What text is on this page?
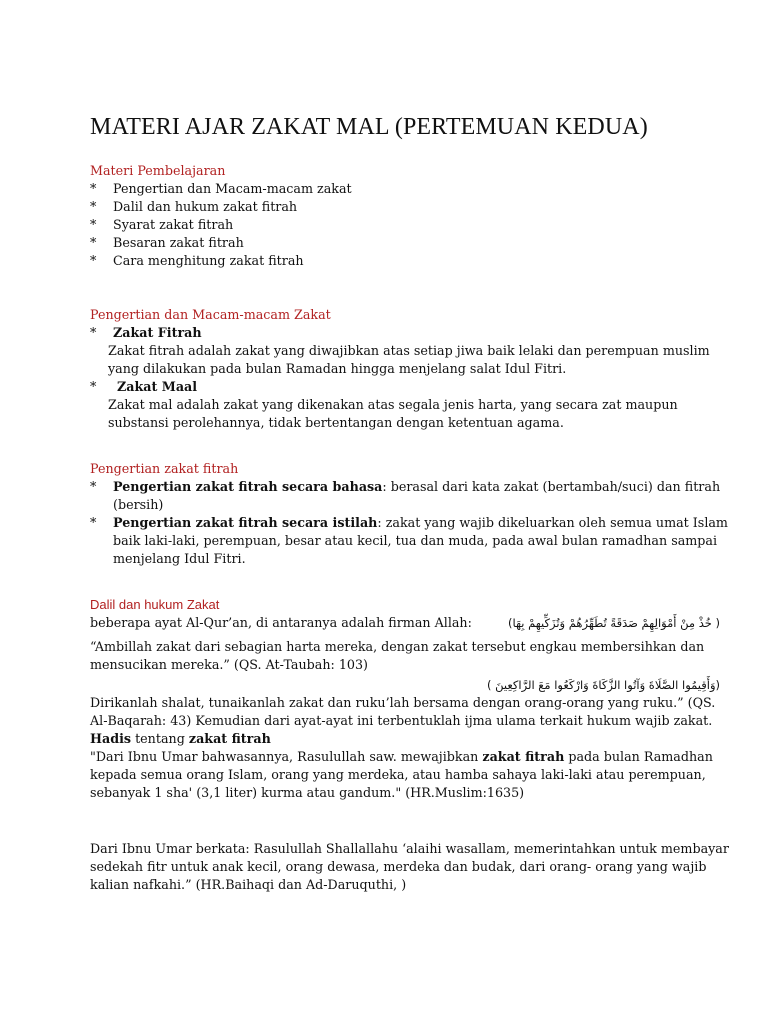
MATERI AJAR ZAKAT MAL (PERTEMUAN KEDUA)

Materi Pembelajaran

* Pengertian dan Macam-macam zakat
* Dalil dan hukum zakat fitrah
* Syarat zakat fitrah
* Besaran zakat fitrah
* Cara menghitung zakat fitrah

Pengertian dan Macam-macam Zakat

* Zakat Fitrah

Zakat fitrah adalah zakat yang diwajibkan atas setiap jiwa baik lelaki dan perempuan muslim yang dilakukan pada bulan Ramadan hingga menjelang salat Idul Fitri.

* Zakat Maal

Zakat mal adalah zakat yang dikenakan atas segala jenis harta, yang secara zat maupun substansi perolehannya, tidak bertentangan dengan ketentuan agama.

Pengertian zakat fitrah

* Pengertian zakat fitrah secara bahasa: berasal dari kata zakat (bertambah/suci) dan fitrah (bersih)
* Pengertian zakat fitrah secara istilah: zakat yang wajib dikeluarkan oleh semua umat Islam baik laki-laki, perempuan, besar atau kecil, tua dan muda, pada awal bulan ramadhan sampai menjelang Idul Fitri.

Dalil dan hukum Zakat

beberapa ayat Al-Qur’an, di antaranya adalah firman Allah:	( خُذْ مِنْ أَمْوَالِهِمْ صَدَقَةً تُطَهِّرُهُمْ وَتُزَكِّيهِمْ بِهَا)

“Ambillah zakat dari sebagian harta mereka, dengan zakat tersebut engkau membersihkan dan mensucikan mereka.” (QS. At-Taubah: 103)

(وَأَقِيمُوا الصَّلَاةَ وَآتُوا الزَّكَاةَ وَارْكَعُوا مَعَ الرَّاكِعِينَ )

Dirikanlah shalat, tunaikanlah zakat dan ruku’lah bersama dengan orang-orang yang ruku.” (QS. Al-Baqarah: 43) Kemudian dari ayat-ayat ini terbentuklah ijma ulama terkait hukum wajib zakat.

Hadis tentang zakat fitrah

"Dari Ibnu Umar bahwasannya, Rasulullah saw. mewajibkan zakat fitrah pada bulan Ramadhan kepada semua orang Islam, orang yang merdeka, atau hamba sahaya laki-laki atau perempuan, sebanyak 1 sha' (3,1 liter) kurma atau gandum." (HR.Muslim:1635)

Dari Ibnu Umar berkata: Rasulullah Shallallahu ‘alaihi wasallam, memerintahkan untuk membayar sedekah fitr untuk anak kecil, orang dewasa, merdeka dan budak, dari orang- orang yang wajib kalian nafkahi.” (HR.Baihaqi dan Ad-Daruquthi, )
